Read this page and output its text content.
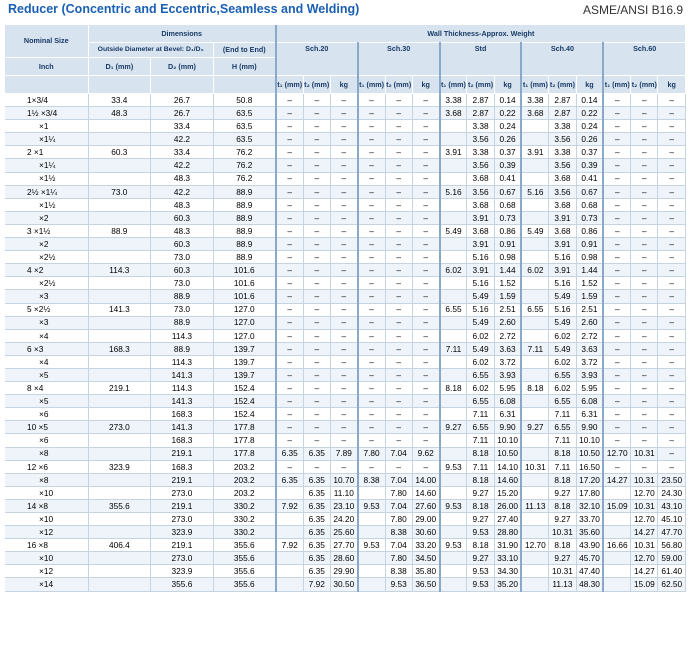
Reducer (Concentric and Eccentric,Seamless and Welding)	ASME/ANSI B16.9
Nominal Size	Dimensions			Wall Thickness-Approx. Weight														
	Outside Diameter at Bevel: D₁/D₂		(End to End)	Sch.20			Sch.30			Std			Sch.40			Sch.60		
Inch	D₁ (mm)	D₂ (mm)	H (mm)															
				t₁ (mm)	t₂ (mm)	kg	t₁ (mm)	t₂ (mm)	kg	t₁ (mm)	t₂ (mm)	kg	t₁ (mm)	t₂ (mm)	kg	t₁ (mm)	t₂ (mm)	kg
1×3/4	33.4	26.7	50.8	–	–	–	–	–	–	3.38	2.87	0.14	3.38	2.87	0.14	–	–	–
1½ ×3/4	48.3	26.7	63.5	–	–	–	–	–	–	3.68	2.87	0.22	3.68	2.87	0.22	–	–	–
×1		33.4	63.5	–	–	–	–	–	–		3.38	0.24		3.38	0.24	–	–	–
×1¼		42.2	63.5	–	–	–	–	–	–		3.56	0.26		3.56	0.26	–	–	–
2 ×1	60.3	33.4	76.2	–	–	–	–	–	–	3.91	3.38	0.37	3.91	3.38	0.37	–	–	–
×1¼		42.2	76.2	–	–	–	–	–	–		3.56	0.39		3.56	0.39	–	–	–
×1½		48.3	76.2	–	–	–	–	–	–		3.68	0.41		3.68	0.41	–	–	–
2½ ×1¼	73.0	42.2	88.9	–	–	–	–	–	–	5.16	3.56	0.67	5.16	3.56	0.67	–	–	–
×1½		48.3	88.9	–	–	–	–	–	–		3.68	0.68		3.68	0.68	–	–	–
×2		60.3	88.9	–	–	–	–	–	–		3.91	0.73		3.91	0.73	–	–	–
3 ×1½	88.9	48.3	88.9	–	–	–	–	–	–	5.49	3.68	0.86	5.49	3.68	0.86	–	–	–
×2		60.3	88.9	–	–	–	–	–	–		3.91	0.91		3.91	0.91	–	–	–
×2½		73.0	88.9	–	–	–	–	–	–		5.16	0.98		5.16	0.98	–	–	–
4 ×2	114.3	60.3	101.6	–	–	–	–	–	–	6.02	3.91	1.44	6.02	3.91	1.44	–	–	–
×2½		73.0	101.6	–	–	–	–	–	–		5.16	1.52		5.16	1.52	–	–	–
×3		88.9	101.6	–	–	–	–	–	–		5.49	1.59		5.49	1.59	–	–	–
5 ×2½	141.3	73.0	127.0	–	–	–	–	–	–	6.55	5.16	2.51	6.55	5.16	2.51	–	–	–
×3		88.9	127.0	–	–	–	–	–	–		5.49	2.60		5.49	2.60	–	–	–
×4		114.3	127.0	–	–	–	–	–	–		6.02	2.72		6.02	2.72	–	–	–
6 ×3	168.3	88.9	139.7	–	–	–	–	–	–	7.11	5.49	3.63	7.11	5.49	3.63	–	–	–
×4		114.3	139.7	–	–	–	–	–	–		6.02	3.72		6.02	3.72	–	–	–
×5		141.3	139.7	–	–	–	–	–	–		6.55	3.93		6.55	3.93	–	–	–
8 ×4	219.1	114.3	152.4	–	–	–	–	–	–	8.18	6.02	5.95	8.18	6.02	5.95	–	–	–
×5		141.3	152.4	–	–	–	–	–	–		6.55	6.08		6.55	6.08	–	–	–
×6		168.3	152.4	–	–	–	–	–	–		7.11	6.31		7.11	6.31	–	–	–
10 ×5	273.0	141.3	177.8	–	–	–	–	–	–	9.27	6.55	9.90	9.27	6.55	9.90	–	–	–
×6		168.3	177.8	–	–	–	–	–	–		7.11	10.10		7.11	10.10	–	–	–
×8		219.1	177.8	6.35	6.35	7.89	7.80	7.04	9.62		8.18	10.50		8.18	10.50	12.70	10.31	–
12 ×6	323.9	168.3	203.2	–	–	–	–	–	–	9.53	7.11	14.10	10.31	7.11	16.50	–	–	–
×8		219.1	203.2	6.35	6.35	10.70	8.38	7.04	14.00		8.18	14.60		8.18	17.20	14.27	10.31	23.50
×10		273.0	203.2		6.35	11.10		7.80	14.60		9.27	15.20		9.27	17.80		12.70	24.30
14 ×8	355.6	219.1	330.2	7.92	6.35	23.10	9.53	7.04	27.60	9.53	8.18	26.00	11.13	8.18	32.10	15.09	10.31	43.10
×10		273.0	330.2		6.35	24.20		7.80	29.00		9.27	27.40		9.27	33.70		12.70	45.10
×12		323.9	330.2		6.35	25.60		8.38	30.60		9.53	28.80		10.31	35.60		14.27	47.70
16 ×8	406.4	219.1	355.6	7.92	6.35	27.70	9.53	7.04	33.20	9.53	8.18	31.90	12.70	8.18	43.90	16.66	10.31	56.80
×10		273.0	355.6		6.35	28.60		7.80	34.50		9.27	33.10		9.27	45.70		12.70	59.00
×12		323.9	355.6		6.35	29.90		8.38	35.80		9.53	34.30		10.31	47.40		14.27	61.40
×14		355.6	355.6		7.92	30.50		9.53	36.50		9.53	35.20		11.13	48.30		15.09	62.50
